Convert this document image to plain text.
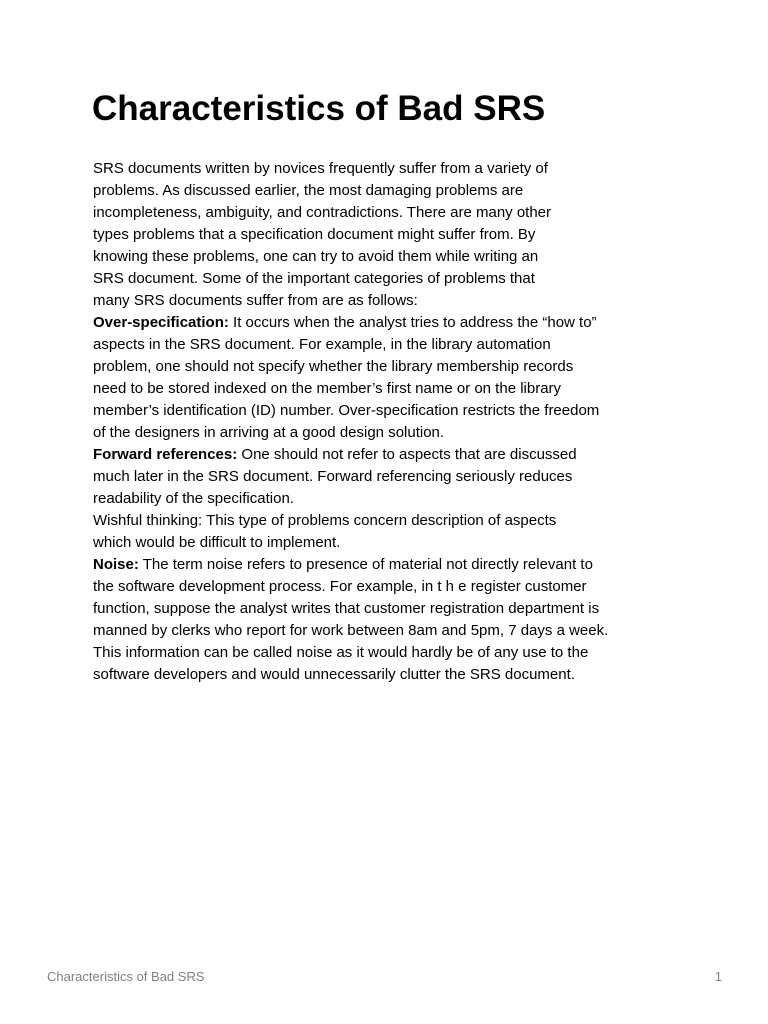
Characteristics of Bad SRS
SRS documents written by novices frequently suffer from a variety of
problems. As discussed earlier, the most damaging problems are
incompleteness, ambiguity, and contradictions. There are many other
types problems that a specification document might suffer from. By
knowing these problems, one can try to avoid them while writing an
SRS document. Some of the important categories of problems that
many SRS documents suffer from are as follows:
Over-specification: It occurs when the analyst tries to address the “how to”
aspects in the SRS document. For example, in the library automation
problem, one should not specify whether the library membership records
need to be stored indexed on the member’s first name or on the library
member’s identification (ID) number. Over-specification restricts the freedom
of the designers in arriving at a good design solution.
Forward references: One should not refer to aspects that are discussed
much later in the SRS document. Forward referencing seriously reduces
readability of the specification.
Wishful thinking: This type of problems concern description of aspects
which would be difficult to implement.
Noise: The term noise refers to presence of material not directly relevant to
the software development process. For example, in t h e register customer
function, suppose the analyst writes that customer registration department is
manned by clerks who report for work between 8am and 5pm, 7 days a week.
This information can be called noise as it would hardly be of any use to the
software developers and would unnecessarily clutter the SRS document.
Characteristics of Bad SRS	1
